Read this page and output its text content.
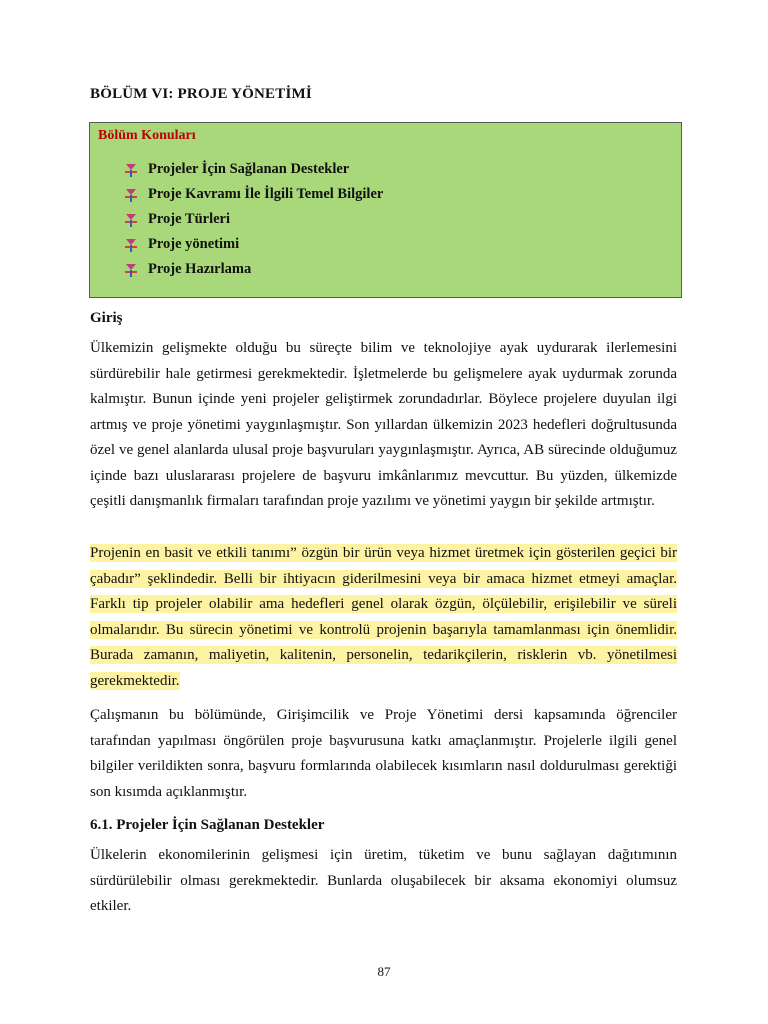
BÖLÜM VI: PROJE YÖNETİMİ
Bölüm Konuları
Projeler İçin Sağlanan Destekler
Proje Kavramı İle İlgili Temel Bilgiler
Proje Türleri
Proje yönetimi
Proje Hazırlama
Giriş

Ülkemizin gelişmekte olduğu bu süreçte bilim ve teknolojiye ayak uydurarak ilerlemesini sürdürebilir hale getirmesi gerekmektedir. İşletmelerde bu gelişmelere ayak uydurmak zorunda kalmıştır. Bunun içinde yeni projeler geliştirmek zorundadırlar. Böylece projelere duyulan ilgi artmış ve proje yönetimi yaygınlaşmıştır. Son yıllardan ülkemizin 2023 hedefleri doğrultusunda özel ve genel alanlarda ulusal proje başvuruları yaygınlaşmıştır. Ayrıca, AB sürecinde olduğumuz içinde bazı uluslararası projelere de başvuru imkânlarımız mevcuttur. Bu yüzden, ülkemizde çeşitli danışmanlık firmaları tarafından proje yazılımı ve yönetimi yaygın bir şekilde artmıştır.

Projenin en basit ve etkili tanımı” özgün bir ürün veya hizmet üretmek için gösterilen geçici bir çabadır” şeklindedir. Belli bir ihtiyacın giderilmesini veya bir amaca hizmet etmeyi amaçlar. Farklı tip projeler olabilir ama hedefleri genel olarak özgün, ölçülebilir, erişilebilir ve süreli olmalarıdır. Bu sürecin yönetimi ve kontrolü projenin başarıyla tamamlanması için önemlidir. Burada zamanın, maliyetin, kalitenin, personelin, tedarikçilerin, risklerin vb. yönetilmesi gerekmektedir.

Çalışmanın bu bölümünde, Girişimcilik ve Proje Yönetimi dersi kapsamında öğrenciler tarafından yapılması öngörülen proje başvurusuna katkı amaçlanmıştır. Projelerle ilgili genel bilgiler verildikten sonra, başvuru formlarında olabilecek kısımların nasıl doldurulması gerektiği son kısımda açıklanmıştır.

6.1. Projeler İçin Sağlanan Destekler

Ülkelerin ekonomilerinin gelişmesi için üretim, tüketim ve bunu sağlayan dağıtımının sürdürülebilir olması gerekmektedir. Bunlarda oluşabilecek bir aksama ekonomiyi olumsuz etkiler.

87
